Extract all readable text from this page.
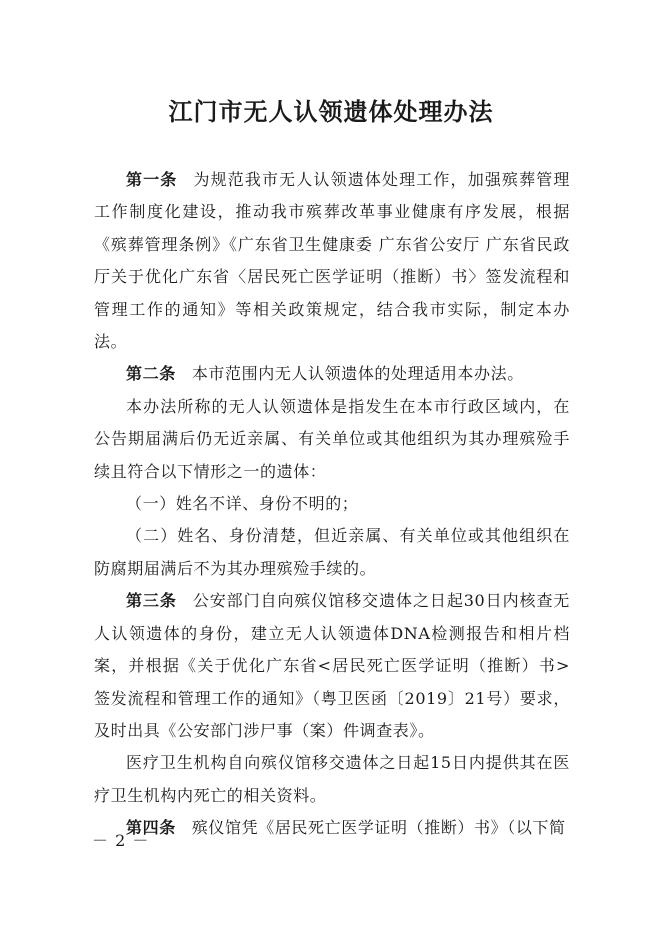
江门市无人认领遗体处理办法

第一条 为规范我市无人认领遗体处理工作，加强殡葬管理工作制度化建设，推动我市殡葬改革事业健康有序发展，根据《殡葬管理条例》《广东省卫生健康委 广东省公安厅 广东省民政厅关于优化广东省〈居民死亡医学证明（推断）书〉签发流程和管理工作的通知》等相关政策规定，结合我市实际，制定本办法。

第二条 本市范围内无人认领遗体的处理适用本办法。

本办法所称的无人认领遗体是指发生在本市行政区域内，在公告期届满后仍无近亲属、有关单位或其他组织为其办理殡殓手续且符合以下情形之一的遗体：

（一）姓名不详、身份不明的；

（二）姓名、身份清楚，但近亲属、有关单位或其他组织在防腐期届满后不为其办理殡殓手续的。

第三条 公安部门自向殡仪馆移交遗体之日起30日内核查无人认领遗体的身份，建立无人认领遗体DNA检测报告和相片档案，并根据《关于优化广东省<居民死亡医学证明（推断）书>签发流程和管理工作的通知》（粤卫医函〔2019〕21号）要求，及时出具《公安部门涉尸事（案）件调查表》。

医疗卫生机构自向殡仪馆移交遗体之日起15日内提供其在医疗卫生机构内死亡的相关资料。

第四条 殡仪馆凭《居民死亡医学证明（推断）书》（以下简

－ 2 －
